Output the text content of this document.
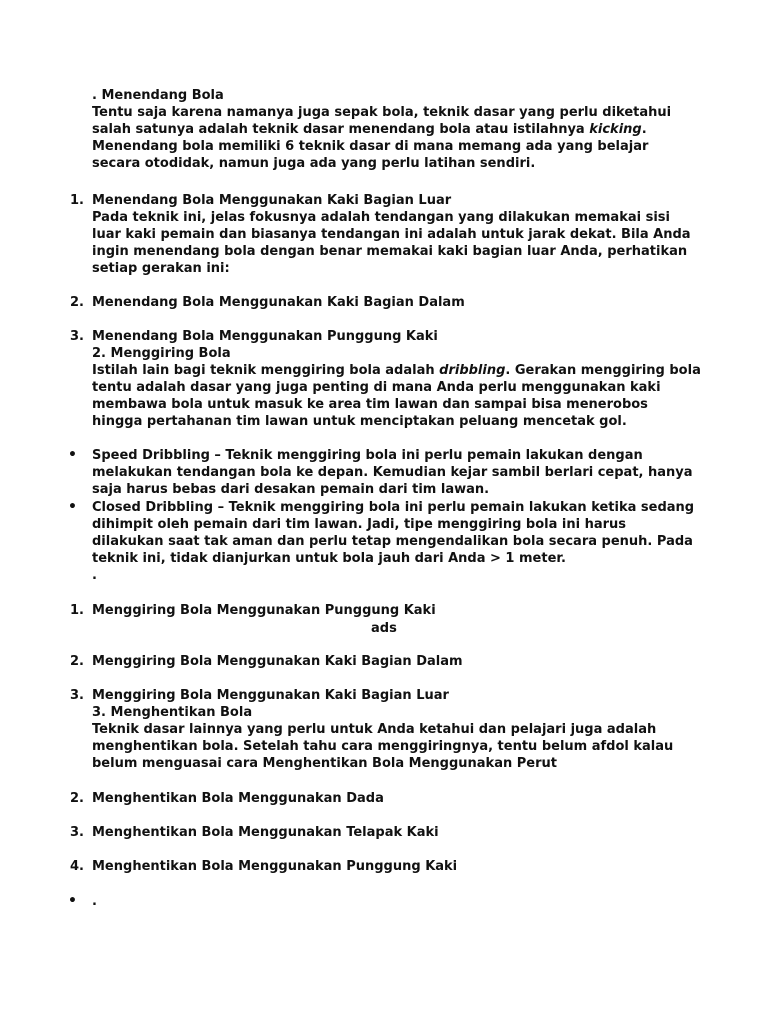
. Menendang Bola
Tentu saja karena namanya juga sepak bola, teknik dasar yang perlu diketahui
salah satunya adalah teknik dasar menendang bola atau istilahnya kicking.
Menendang bola memiliki 6 teknik dasar di mana memang ada yang belajar
secara otodidak, namun juga ada yang perlu latihan sendiri.
1. Menendang Bola Menggunakan Kaki Bagian Luar
Pada teknik ini, jelas fokusnya adalah tendangan yang dilakukan memakai sisi
luar kaki pemain dan biasanya tendangan ini adalah untuk jarak dekat. Bila Anda
ingin menendang bola dengan benar memakai kaki bagian luar Anda, perhatikan
setiap gerakan ini:
2. Menendang Bola Menggunakan Kaki Bagian Dalam
3. Menendang Bola Menggunakan Punggung Kaki
2. Menggiring Bola
Istilah lain bagi teknik menggiring bola adalah dribbling. Gerakan menggiring bola
tentu adalah dasar yang juga penting di mana Anda perlu menggunakan kaki
membawa bola untuk masuk ke area tim lawan dan sampai bisa menerobos
hingga pertahanan tim lawan untuk menciptakan peluang mencetak gol.
• Speed Dribbling – Teknik menggiring bola ini perlu pemain lakukan dengan
melakukan tendangan bola ke depan. Kemudian kejar sambil berlari cepat, hanya
saja harus bebas dari desakan pemain dari tim lawan.
• Closed Dribbling – Teknik menggiring bola ini perlu pemain lakukan ketika sedang
dihimpit oleh pemain dari tim lawan. Jadi, tipe menggiring bola ini harus
dilakukan saat tak aman dan perlu tetap mengendalikan bola secara penuh. Pada
teknik ini, tidak dianjurkan untuk bola jauh dari Anda > 1 meter.
.
1. Menggiring Bola Menggunakan Punggung Kaki
ads
2. Menggiring Bola Menggunakan Kaki Bagian Dalam
3. Menggiring Bola Menggunakan Kaki Bagian Luar
3. Menghentikan Bola
Teknik dasar lainnya yang perlu untuk Anda ketahui dan pelajari juga adalah
menghentikan bola. Setelah tahu cara menggiringnya, tentu belum afdol kalau
belum menguasai cara Menghentikan Bola Menggunakan Perut
2. Menghentikan Bola Menggunakan Dada
3. Menghentikan Bola Menggunakan Telapak Kaki
4. Menghentikan Bola Menggunakan Punggung Kaki
• .
